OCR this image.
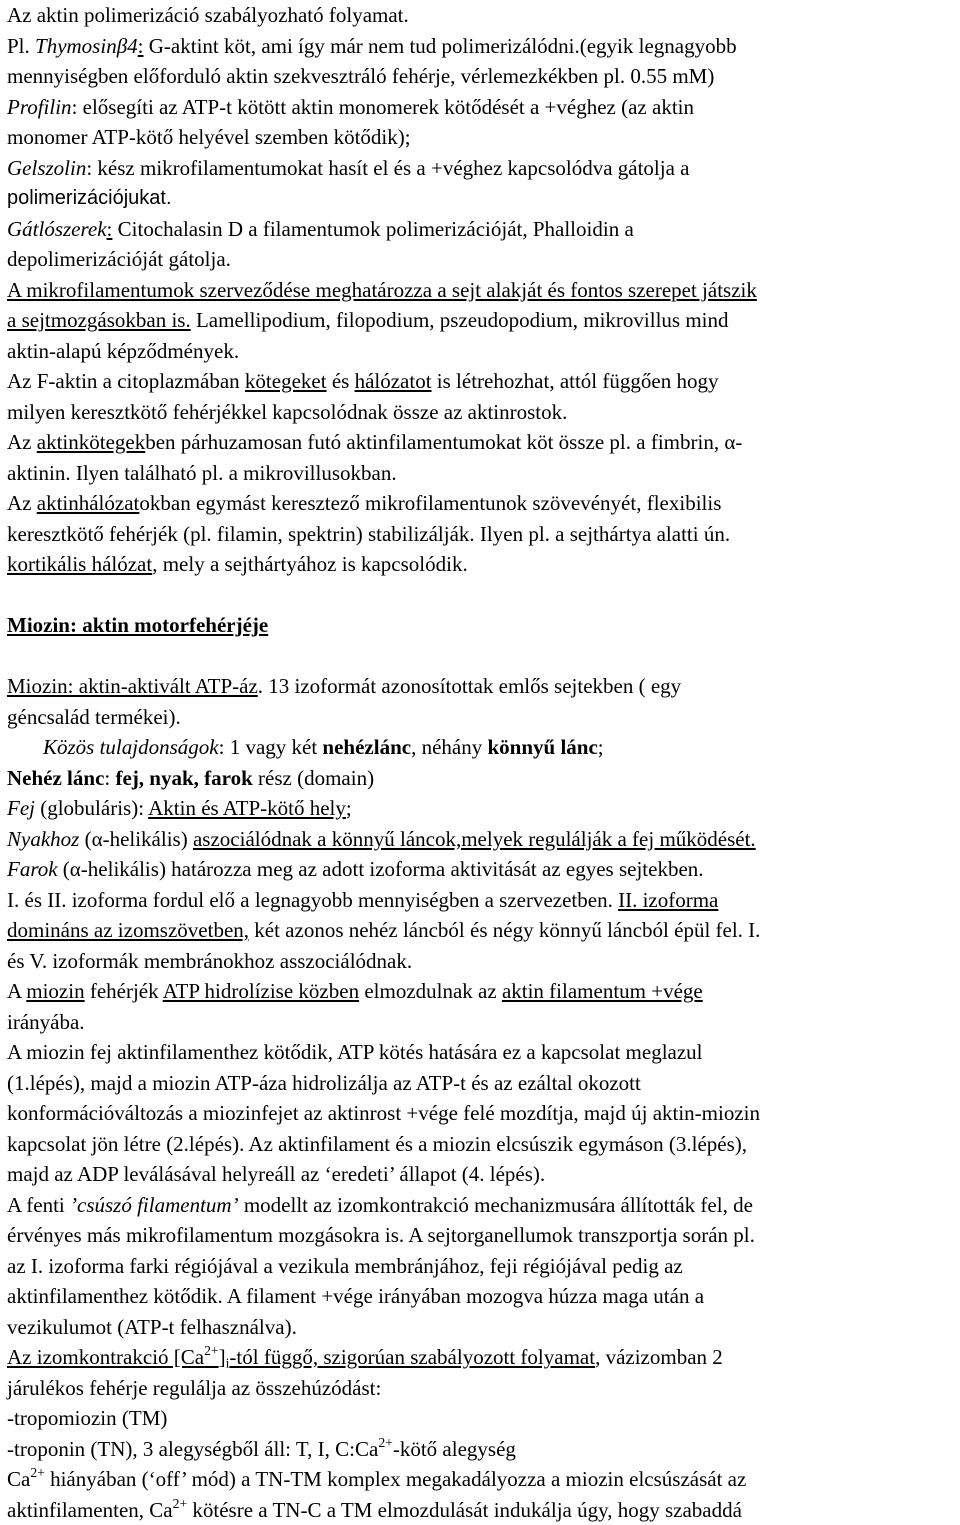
Az aktin polimerizáció szabályozható folyamat.
Pl. Thymosinβ4: G-aktint köt, ami így már nem tud polimerizálódni.(egyik legnagyobb
mennyiségben előforduló aktin szekvesztráló fehérje, vérlemezkékben pl. 0.55 mM)
Profilin: elősegíti az ATP-t kötött aktin monomerek kötődését a +véghez (az aktin
monomer ATP-kötő helyével szemben kötődik);
Gelszolin: kész mikrofilamentumokat hasít el és a +véghez kapcsolódva gátolja a
polimerizációjukat.
Gátlószerek: Citochalasin D a filamentumok polimerizációját, Phalloidin a
depolimerizációját gátolja.
A mikrofilamentumok szerveződése meghatározza a sejt alakját és fontos szerepet játszik
a sejtmozgásokban is. Lamellipodium, filopodium, pszeudopodium, mikrovillus mind
aktin-alapú képződmények.
Az F-aktin a citoplazmában kötegeket és hálózatot is létrehozhat, attól függően hogy
milyen keresztkötő fehérjékkel kapcsolódnak össze az aktinrostok.
Az aktinkötegekben párhuzamosan futó aktinfilamentumokat köt össze pl. a fimbrin, α-
aktinin. Ilyen található pl. a mikrovillusokban.
Az aktinhálózatokban egymást keresztező mikrofilamentunok szövevényét, flexibilis
keresztkötő fehérjék (pl. filamin, spektrin) stabilizálják. Ilyen pl. a sejthártya alatti ún.
kortikális hálózat, mely a sejthártyához is kapcsolódik.
Miozin: aktin motorfehérjéje
Miozin: aktin-aktivált ATP-áz. 13 izoformát azonosítottak emlős sejtekben ( egy
géncsalád termékei).
Közös tulajdonságok: 1 vagy két nehézlánc, néhány könnyű lánc;
Nehéz lánc: fej, nyak, farok rész (domain)
Fej (globuláris): Aktin és ATP-kötő hely;
Nyakhoz (α-helikális) aszociálódnak a könnyű láncok,melyek regulálják a fej működését.
Farok (α-helikális) határozza meg az adott izoforma aktivitását az egyes sejtekben.
I. és II. izoforma fordul elő a legnagyobb mennyiségben a szervezetben. II. izoforma
domináns az izomszövetben, két azonos nehéz láncból és négy könnyű láncból épül fel. I.
és V. izoformák membránokhoz asszociálódnak.
A miozin fehérjék ATP hidrolízise közben elmozdulnak az aktin filamentum +vége
irányába.
A miozin fej aktinfilamenthez kötődik, ATP kötés hatására ez a kapcsolat meglazul
(1.lépés), majd a miozin ATP-áza hidrolizálja az ATP-t és az ezáltal okozott
konformációváltozás a miozinfejet az aktinrost +vége felé mozdítja, majd új aktin-miozin
kapcsolat jön létre (2.lépés). Az aktinfilament és a miozin elcsúszik egymáson (3.lépés),
majd az ADP leválásával helyreáll az ‘eredeti’ állapot (4. lépés).
A fenti ’csúszó filamentum’ modellt az izomkontrakció mechanizmusára állították fel, de
érvényes más mikrofilamentum mozgásokra is. A sejtorganellumok transzportja során pl.
az I. izoforma farki régiójával a vezikula membránjához, feji régiójával pedig az
aktinfilamenthez kötődik. A filament +vége irányában mozogva húzza maga után a
vezikulumot (ATP-t felhasználva).
Az izomkontrakció $[Ca^{2+}]_i$-tól függő, szigorúan szabályozott folyamat, vázizomban 2
járulékos fehérje regulálja az összehúzódást:
-tropomiozin (TM)
-troponin (TN), 3 alegységből áll: T, I, $C:Ca^{2+}$-kötő alegység
$Ca^{2+}$ hiányában (‘off’ mód) a TN-TM komplex megakadályozza a miozin elcsúszását az
aktinfilamenten, $Ca^{2+}$ kötésre a TN-C a TM elmozdulását indukálja úgy, hogy szabaddá
